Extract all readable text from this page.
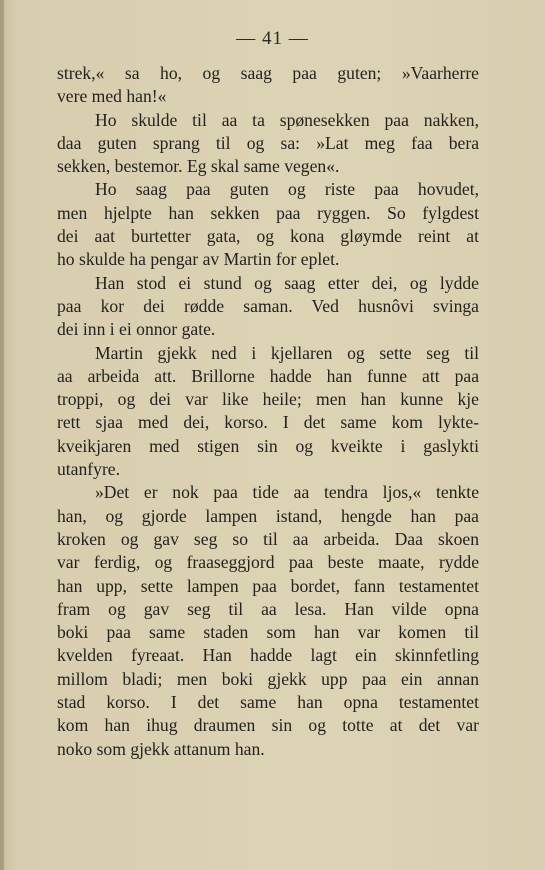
— 41 —
strek,« sa ho, og saag paa guten; »Vaarherre
vere med han!«
Ho skulde til aa ta spønesekken paa nakken,
daa guten sprang til og sa: »Lat meg faa bera
sekken, bestemor. Eg skal same vegen«.
Ho saag paa guten og riste paa hovudet,
men hjelpte han sekken paa ryggen. So fylgdest
dei aat burtetter gata, og kona gløymde reint at
ho skulde ha pengar av Martin for eplet.
Han stod ei stund og saag etter dei, og lydde
paa kor dei rødde saman. Ved husnôvi svinga
dei inn i ei onnor gate.
Martin gjekk ned i kjellaren og sette seg til
aa arbeida att. Brillorne hadde han funne att paa
troppi, og dei var like heile; men han kunne kje
rett sjaa med dei, korso. I det same kom lykte-
kveikjaren med stigen sin og kveikte i gaslykti
utanfyre.
»Det er nok paa tide aa tendra ljos,« tenkte
han, og gjorde lampen istand, hengde han paa
kroken og gav seg so til aa arbeida. Daa skoen
var ferdig, og fraaseggjord paa beste maate, rydde
han upp, sette lampen paa bordet, fann testamentet
fram og gav seg til aa lesa. Han vilde opna
boki paa same staden som han var komen til
kvelden fyreaat. Han hadde lagt ein skinnfetling
millom bladi; men boki gjekk upp paa ein annan
stad korso. I det same han opna testamentet
kom han ihug draumen sin og totte at det var
noko som gjekk attanum han.
